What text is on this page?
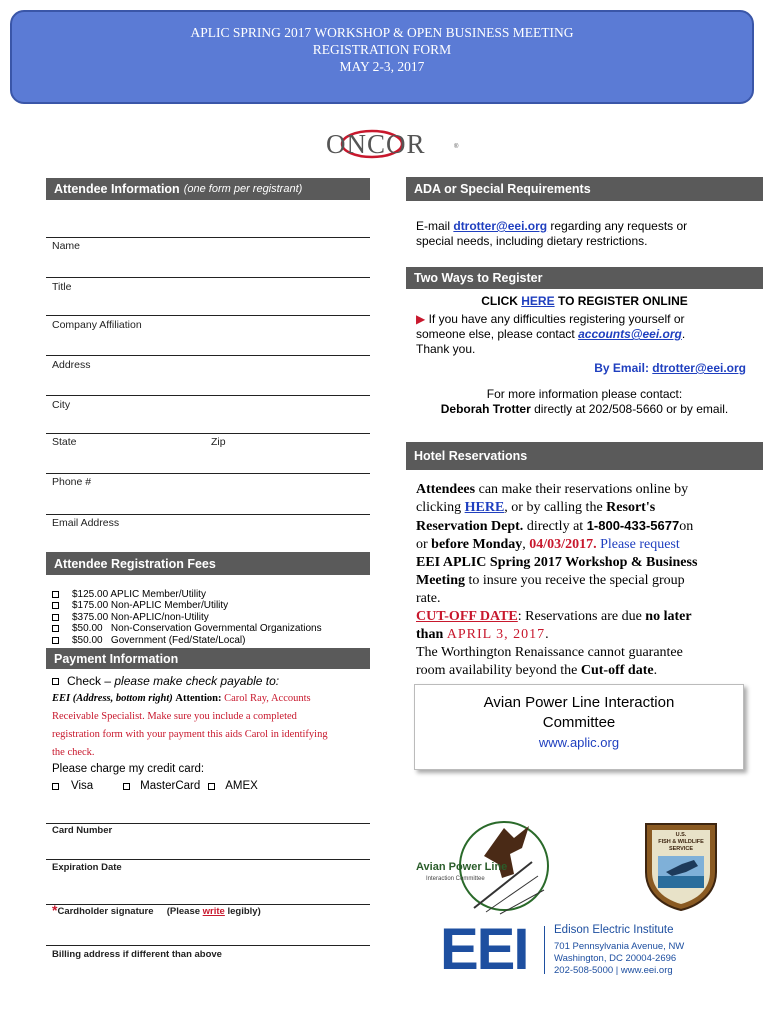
APLIC SPRING 2017 WORKSHOP & OPEN BUSINESS MEETING
REGISTRATION FORM
MAY 2-3, 2017
ONCOR	®
Attendee Information (one form per registrant)
Name
Title
Company Affiliation
Address
City
State	Zip
Phone #
Email Address
Attendee Registration Fees
$125.00 APLIC Member/Utility
$175.00 Non-APLIC Member/Utility
$375.00 Non-APLIC/non-Utility
$50.00   Non-Conservation Governmental Organizations
$50.00   Government (Fed/State/Local)
Payment Information
Check –
please make check payable to:
EEI (Address, bottom right) Attention: Carol Ray, Accounts
Receivable Specialist. Make sure you include a completed
registration form with your payment this aids Carol in identifying
the check.
Please charge my credit card:
Visa	MasterCard AMEX
Card Number
Expiration Date
*Cardholder signature (Please write legibly)
Billing address if different than above
ADA or Special Requirements
E-mail dtrotter@eei.org regarding any requests or
special needs, including dietary restrictions.
Two Ways to Register
CLICK HERE TO REGISTER ONLINE
▶ If you have any difficulties registering yourself or
someone else, please contact accounts@eei.org.
Thank you.
By Email: dtrotter@eei.org
For more information please contact:
Deborah Trotter directly at 202/508-5660 or by email.
Hotel Reservations
Attendees can make their reservations online by
clicking HERE, or by calling the Resort's
Reservation Dept. directly at 1-800-433-5677on
or before Monday, 04/03/2017. Please request
EEI APLIC Spring 2017 Workshop & Business
Meeting to insure you receive the special group
rate.
CUT-OFF DATE: Reservations are due no later
than APRIL 3, 2017.
The Worthington Renaissance cannot guarantee
room availability beyond the Cut-off date.
Avian Power Line Interaction
Committee
www.aplic.org
Avian Power Line
Interaction Committee
U.S.
FISH & WILDLIFE
SERVICE
EEI Edison Electric Institute
701 Pennsylvania Avenue, NW
Washington, DC 20004-2696
202-508-5000 | www.eei.org
